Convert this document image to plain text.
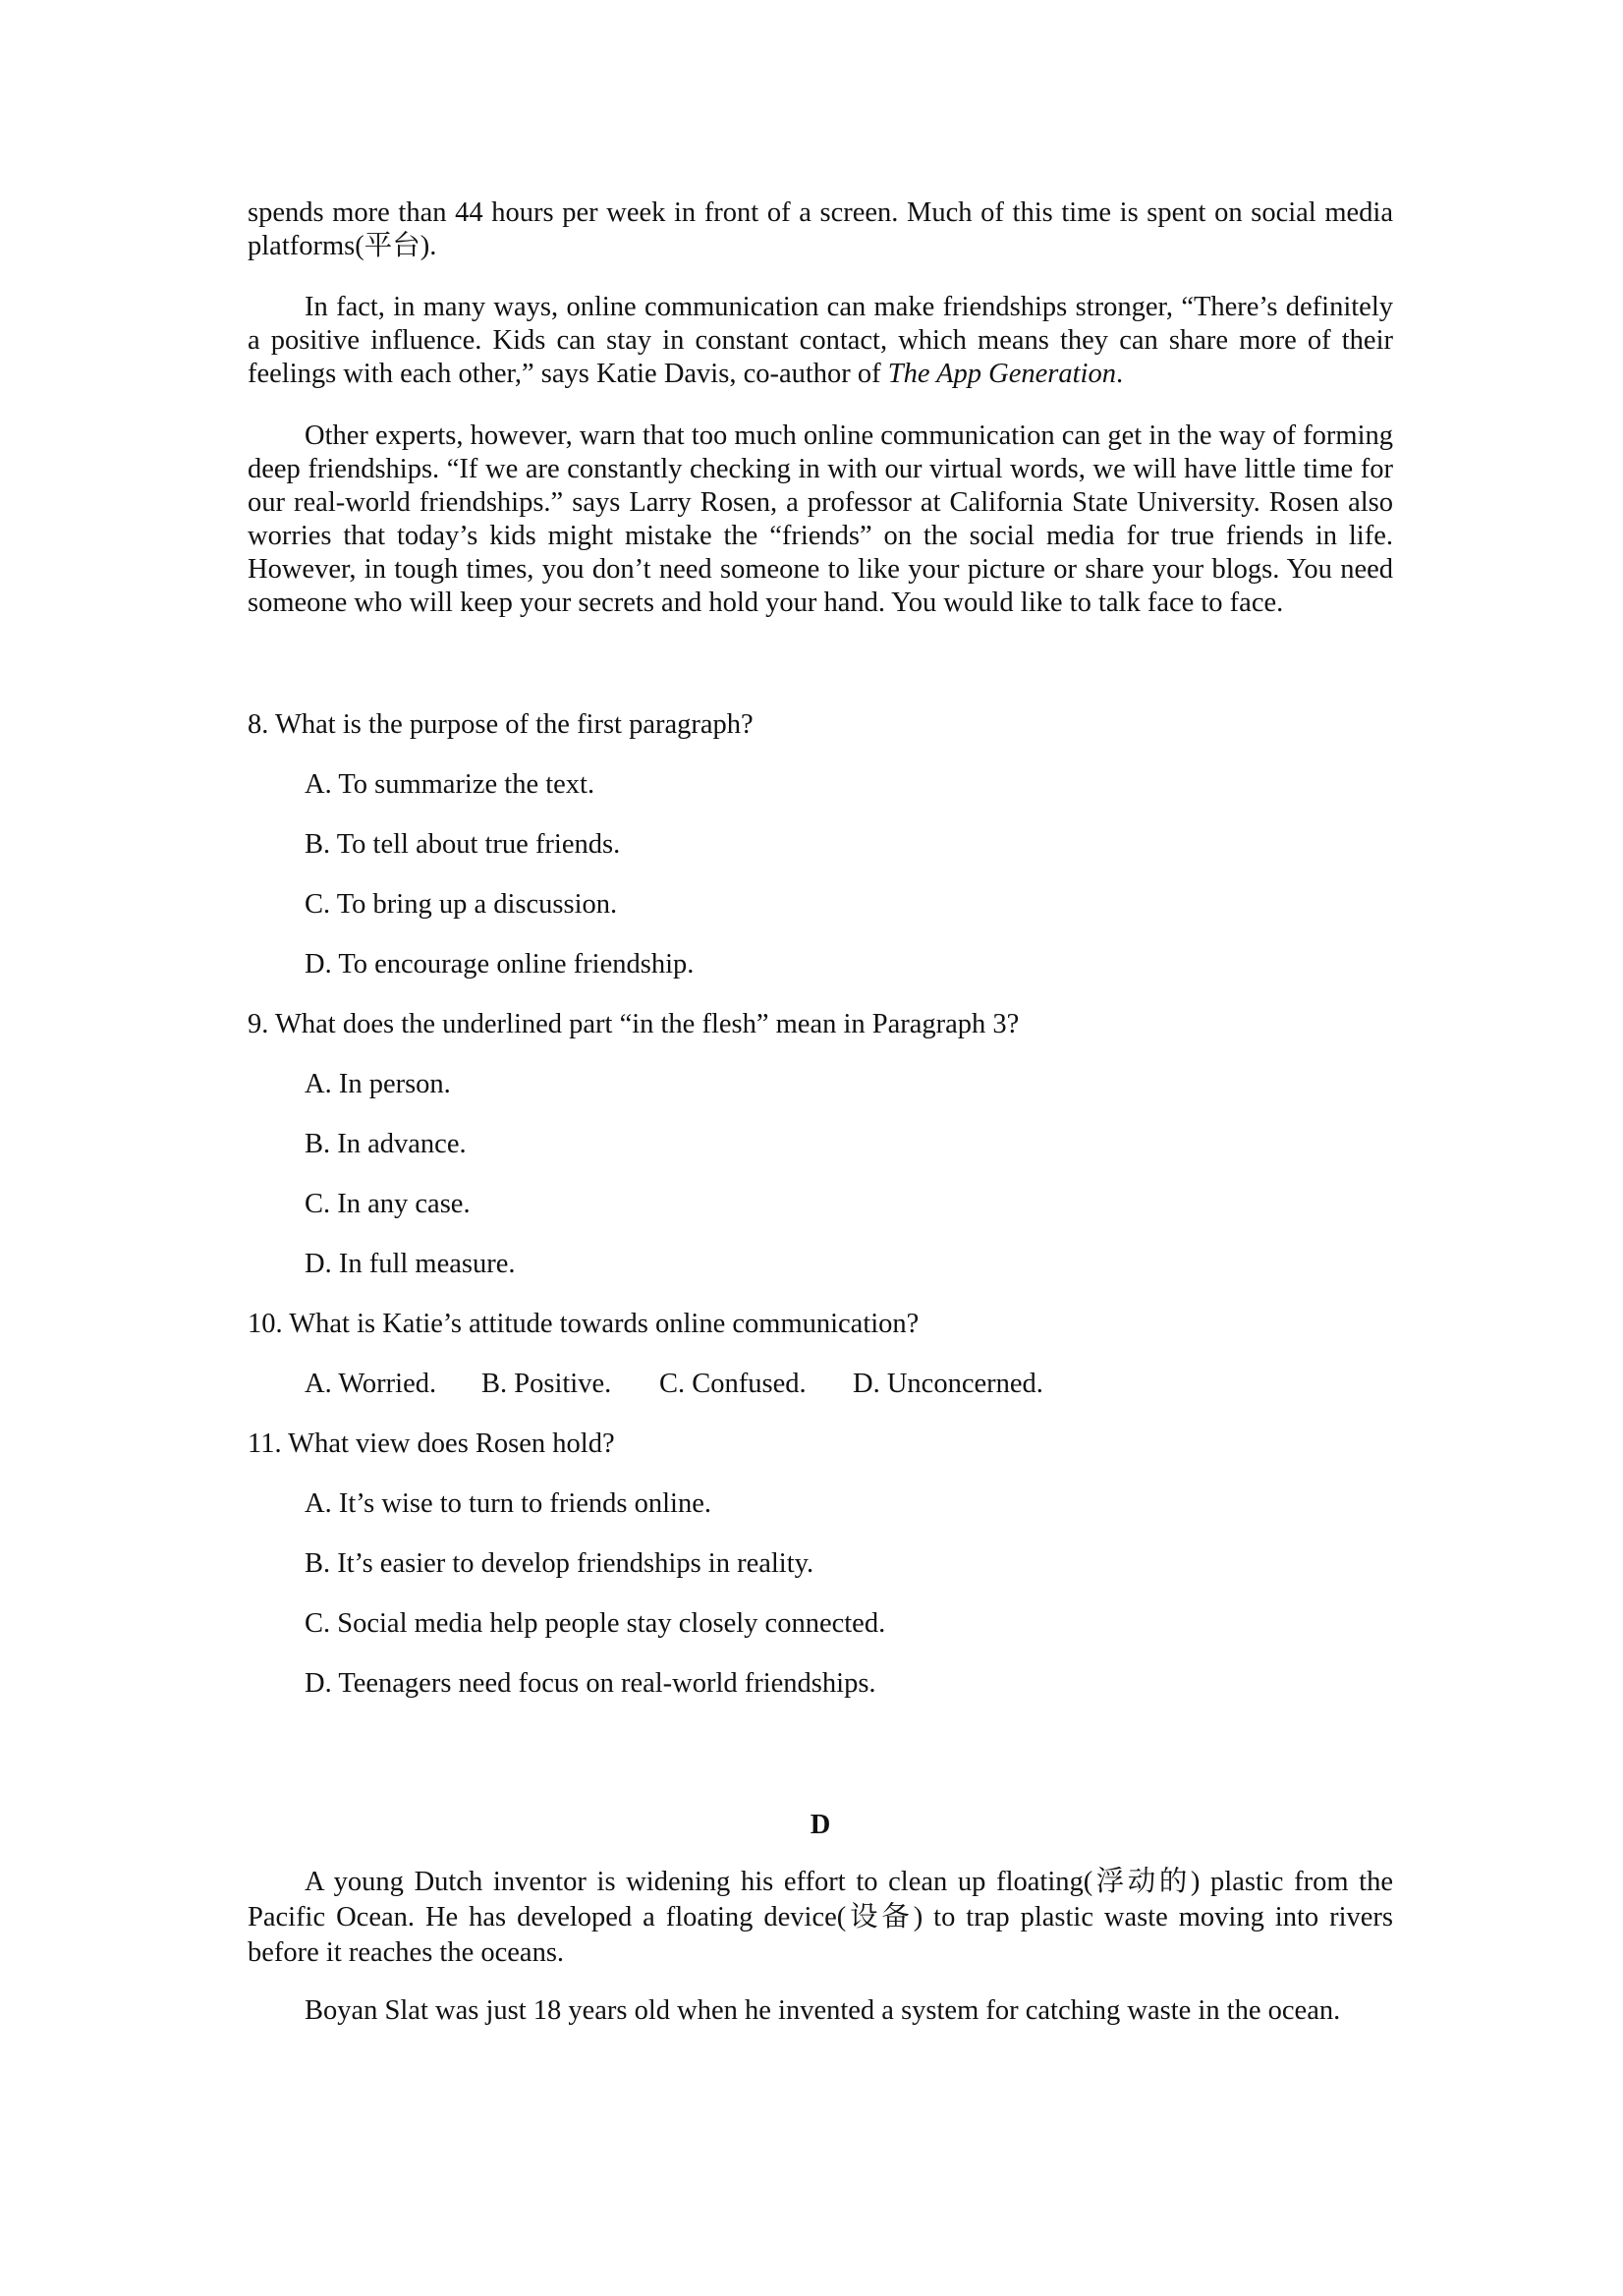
spends more than 44 hours per week in front of a screen. Much of this time is spent on social media platforms(平台).

In fact, in many ways, online communication can make friendships stronger, “There’s definitely a positive influence. Kids can stay in constant contact, which means they can share more of their feelings with each other,” says Katie Davis, co-author of The App Generation.

Other experts, however, warn that too much online communication can get in the way of forming deep friendships. “If we are constantly checking in with our virtual words, we will have little time for our real-world friendships.” says Larry Rosen, a professor at California State University. Rosen also worries that today’s kids might mistake the “friends” on the social media for true friends in life. However, in tough times, you don’t need someone to like your picture or share your blogs. You need someone who will keep your secrets and hold your hand. You would like to talk face to face.

8. What is the purpose of the first paragraph?

A. To summarize the text.

B. To tell about true friends.

C. To bring up a discussion.

D. To encourage online friendship.

9. What does the underlined part “in the flesh” mean in Paragraph 3?

A. In person.

B. In advance.

C. In any case.

D. In full measure.

10. What is Katie’s attitude towards online communication?

A. Worried. B. Positive. C. Confused. D. Unconcerned.

11. What view does Rosen hold?

A. It’s wise to turn to friends online.

B. It’s easier to develop friendships in reality.

C. Social media help people stay closely connected.

D. Teenagers need focus on real-world friendships.

D

A young Dutch inventor is widening his effort to clean up floating(浮动的) plastic from the Pacific Ocean. He has developed a floating device(设备) to trap plastic waste moving into rivers before it reaches the oceans.

Boyan Slat was just 18 years old when he invented a system for catching waste in the ocean.
